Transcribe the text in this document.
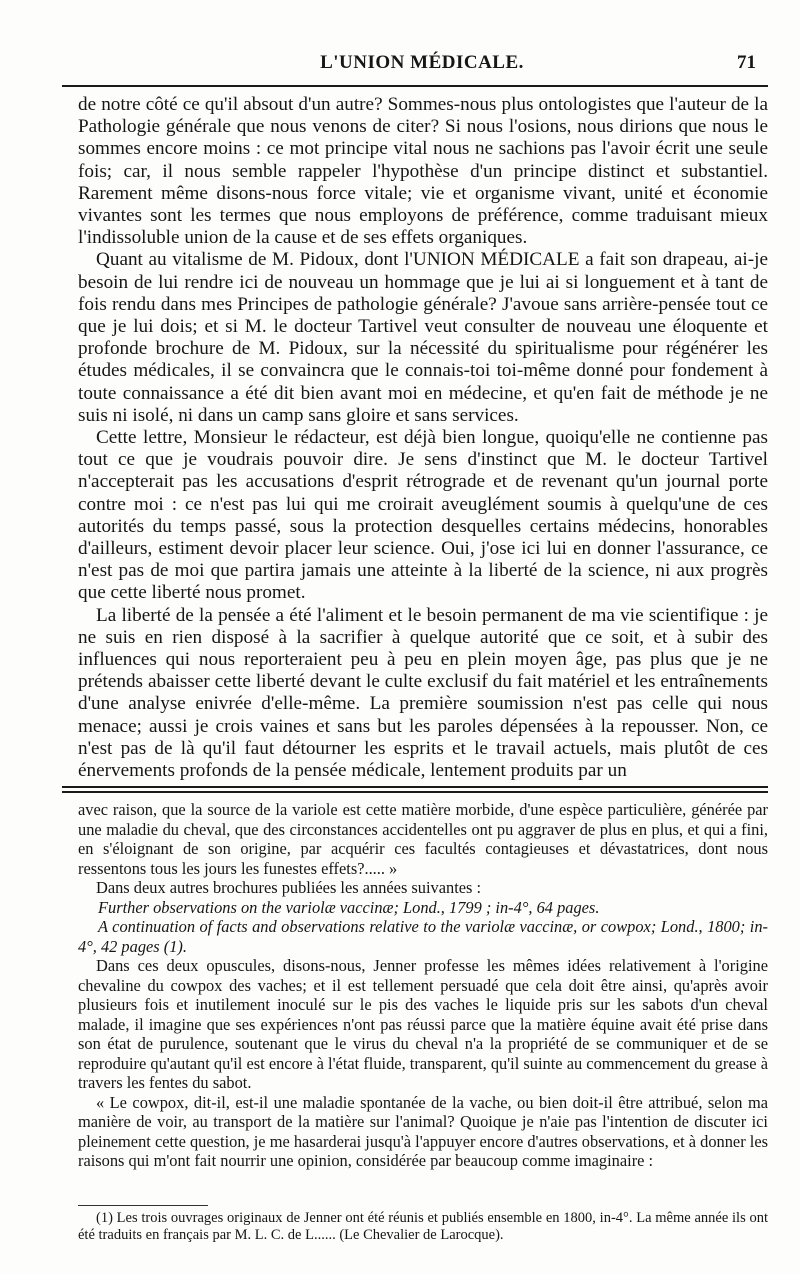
L'UNION MÉDICALE.	71

de notre côté ce qu'il absout d'un autre? Sommes-nous plus ontologistes que l'auteur de la Pathologie générale que nous venons de citer? Si nous l'osions, nous dirions que nous le sommes encore moins : ce mot principe vital nous ne sachions pas l'avoir écrit une seule fois; car, il nous semble rappeler l'hypothèse d'un principe distinct et substantiel. Rarement même disons-nous force vitale; vie et organisme vivant, unité et économie vivantes sont les termes que nous employons de préférence, comme traduisant mieux l'indissoluble union de la cause et de ses effets organiques.

Quant au vitalisme de M. Pidoux, dont l'UNION MÉDICALE a fait son drapeau, ai-je besoin de lui rendre ici de nouveau un hommage que je lui ai si longuement et à tant de fois rendu dans mes Principes de pathologie générale? J'avoue sans arrière-pensée tout ce que je lui dois; et si M. le docteur Tartivel veut consulter de nouveau une éloquente et profonde brochure de M. Pidoux, sur la nécessité du spiritualisme pour régénérer les études médicales, il se convaincra que le connais-toi toi-même donné pour fondement à toute connaissance a été dit bien avant moi en médecine, et qu'en fait de méthode je ne suis ni isolé, ni dans un camp sans gloire et sans services.

Cette lettre, Monsieur le rédacteur, est déjà bien longue, quoiqu'elle ne contienne pas tout ce que je voudrais pouvoir dire. Je sens d'instinct que M. le docteur Tartivel n'accepterait pas les accusations d'esprit rétrograde et de revenant qu'un journal porte contre moi : ce n'est pas lui qui me croirait aveuglément soumis à quelqu'une de ces autorités du temps passé, sous la protection desquelles certains médecins, honorables d'ailleurs, estiment devoir placer leur science. Oui, j'ose ici lui en donner l'assurance, ce n'est pas de moi que partira jamais une atteinte à la liberté de la science, ni aux progrès que cette liberté nous promet.

La liberté de la pensée a été l'aliment et le besoin permanent de ma vie scientifique : je ne suis en rien disposé à la sacrifier à quelque autorité que ce soit, et à subir des influences qui nous reporteraient peu à peu en plein moyen âge, pas plus que je ne prétends abaisser cette liberté devant le culte exclusif du fait matériel et les entraînements d'une analyse enivrée d'elle-même. La première soumission n'est pas celle qui nous menace; aussi je crois vaines et sans but les paroles dépensées à la repousser. Non, ce n'est pas de là qu'il faut détourner les esprits et le travail actuels, mais plutôt de ces énervements profonds de la pensée médicale, lentement produits par un

avec raison, que la source de la variole est cette matière morbide, d'une espèce particulière, générée par une maladie du cheval, que des circonstances accidentelles ont pu aggraver de plus en plus, et qui a fini, en s'éloignant de son origine, par acquérir ces facultés contagieuses et dévastatrices, dont nous ressentons tous les jours les funestes effets?..... »

Dans deux autres brochures publiées les années suivantes :

Further observations on the variolæ vaccinæ; Lond., 1799 ; in-4°, 64 pages.

A continuation of facts and observations relative to the variolæ vaccinæ, or cowpox; Lond., 1800; in-4°, 42 pages (1).

Dans ces deux opuscules, disons-nous, Jenner professe les mêmes idées relativement à l'origine chevaline du cowpox des vaches; et il est tellement persuadé que cela doit être ainsi, qu'après avoir plusieurs fois et inutilement inoculé sur le pis des vaches le liquide pris sur les sabots d'un cheval malade, il imagine que ses expériences n'ont pas réussi parce que la matière équine avait été prise dans son état de purulence, soutenant que le virus du cheval n'a la propriété de se communiquer et de se reproduire qu'autant qu'il est encore à l'état fluide, transparent, qu'il suinte au commencement du grease à travers les fentes du sabot.

« Le cowpox, dit-il, est-il une maladie spontanée de la vache, ou bien doit-il être attribué, selon ma manière de voir, au transport de la matière sur l'animal? Quoique je n'aie pas l'intention de discuter ici pleinement cette question, je me hasarderai jusqu'à l'appuyer encore d'autres observations, et à donner les raisons qui m'ont fait nourrir une opinion, considérée par beaucoup comme imaginaire :

(1) Les trois ouvrages originaux de Jenner ont été réunis et publiés ensemble en 1800, in-4°. La même année ils ont été traduits en français par M. L. C. de L...... (Le Chevalier de Larocque).
